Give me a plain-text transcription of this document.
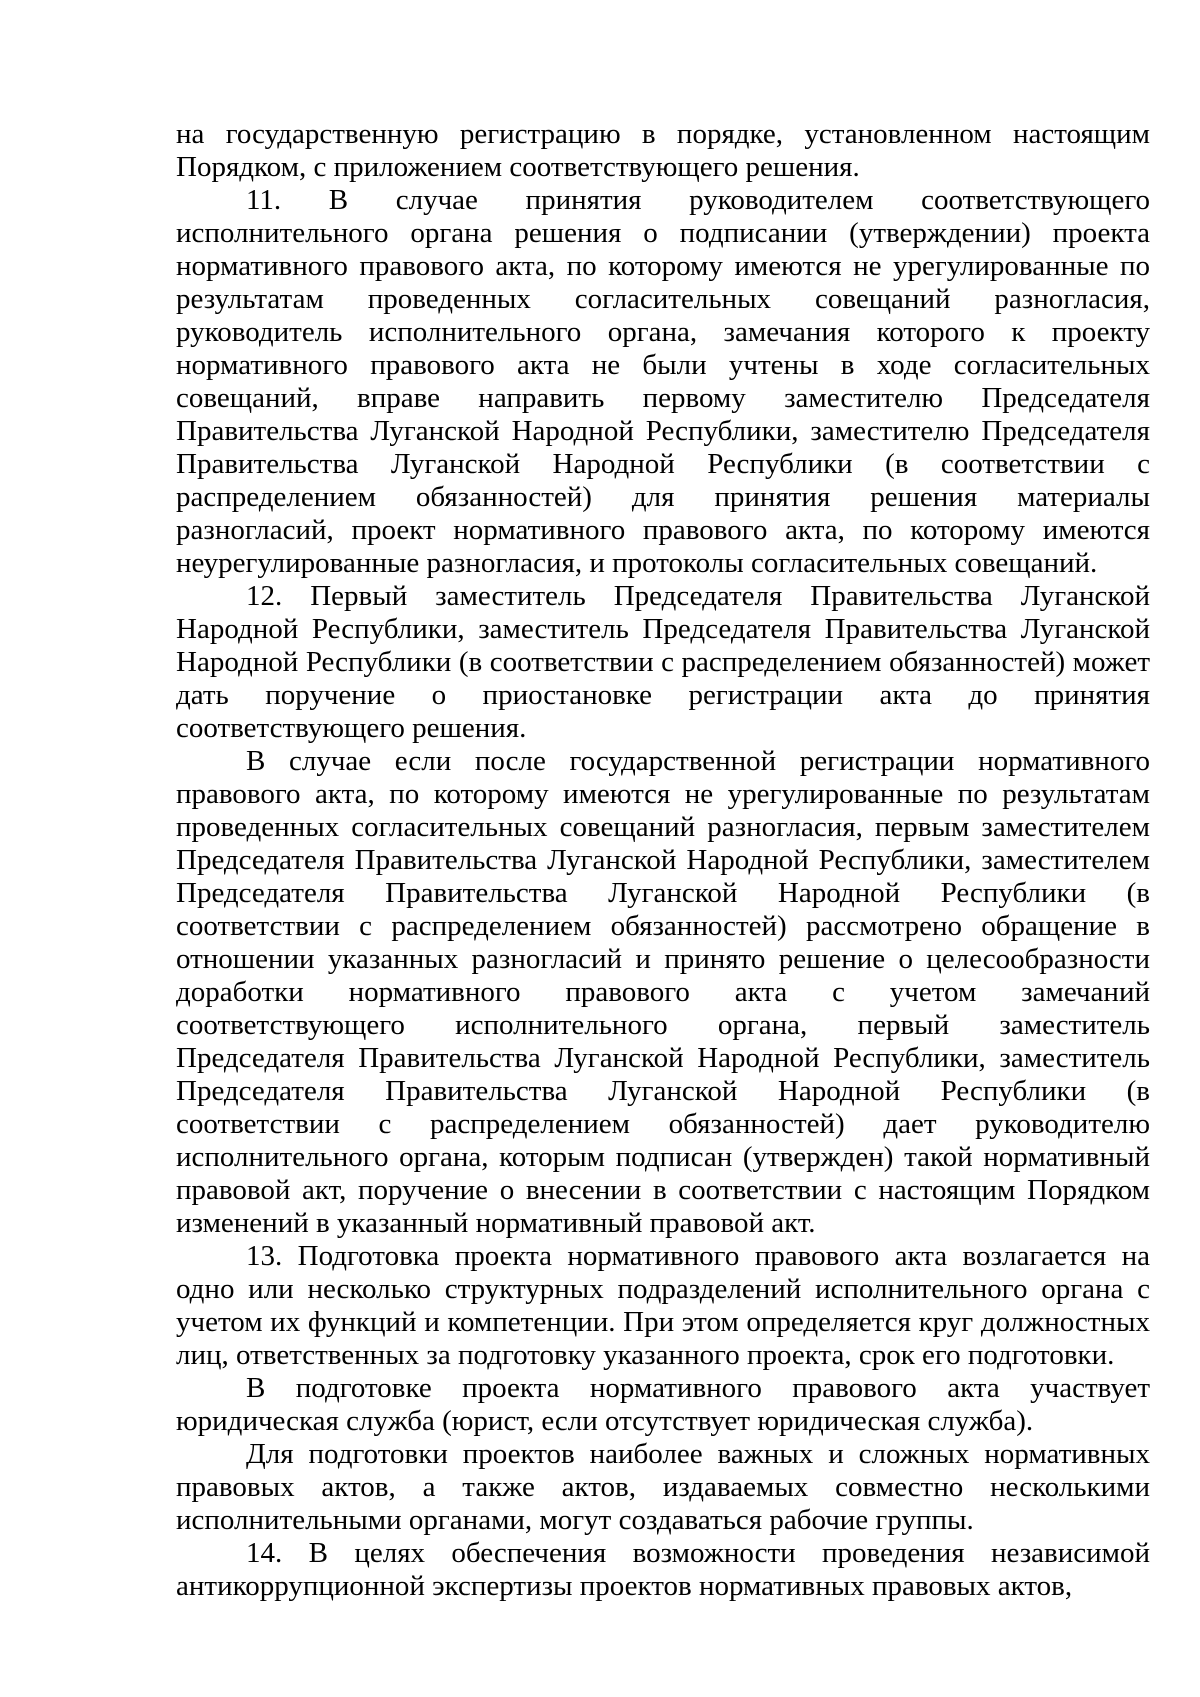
на государственную регистрацию в порядке, установленном настоящим Порядком, с приложением соответствующего решения.

11. В случае принятия руководителем соответствующего исполнительного органа решения о подписании (утверждении) проекта нормативного правового акта, по которому имеются не урегулированные по результатам проведенных согласительных совещаний разногласия, руководитель исполнительного органа, замечания которого к проекту нормативного правового акта не были учтены в ходе согласительных совещаний, вправе направить первому заместителю Председателя Правительства Луганской Народной Республики, заместителю Председателя Правительства Луганской Народной Республики (в соответствии с распределением обязанностей) для принятия решения материалы разногласий, проект нормативного правового акта, по которому имеются неурегулированные разногласия, и протоколы согласительных совещаний.

12. Первый заместитель Председателя Правительства Луганской Народной Республики, заместитель Председателя Правительства Луганской Народной Республики (в соответствии с распределением обязанностей) может дать поручение о приостановке регистрации акта до принятия соответствующего решения.

В случае если после государственной регистрации нормативного правового акта, по которому имеются не урегулированные по результатам проведенных согласительных совещаний разногласия, первым заместителем Председателя Правительства Луганской Народной Республики, заместителем Председателя Правительства Луганской Народной Республики (в соответствии с распределением обязанностей) рассмотрено обращение в отношении указанных разногласий и принято решение о целесообразности доработки нормативного правового акта с учетом замечаний соответствующего исполнительного органа, первый заместитель Председателя Правительства Луганской Народной Республики, заместитель Председателя Правительства Луганской Народной Республики (в соответствии с распределением обязанностей) дает руководителю исполнительного органа, которым подписан (утвержден) такой нормативный правовой акт, поручение о внесении в соответствии с настоящим Порядком изменений в указанный нормативный правовой акт.

13. Подготовка проекта нормативного правового акта возлагается на одно или несколько структурных подразделений исполнительного органа с учетом их функций и компетенции. При этом определяется круг должностных лиц, ответственных за подготовку указанного проекта, срок его подготовки.

В подготовке проекта нормативного правового акта участвует юридическая служба (юрист, если отсутствует юридическая служба).

Для подготовки проектов наиболее важных и сложных нормативных правовых актов, а также актов, издаваемых совместно несколькими исполнительными органами, могут создаваться рабочие группы.

14. В целях обеспечения возможности проведения независимой антикоррупционной экспертизы проектов нормативных правовых актов,
